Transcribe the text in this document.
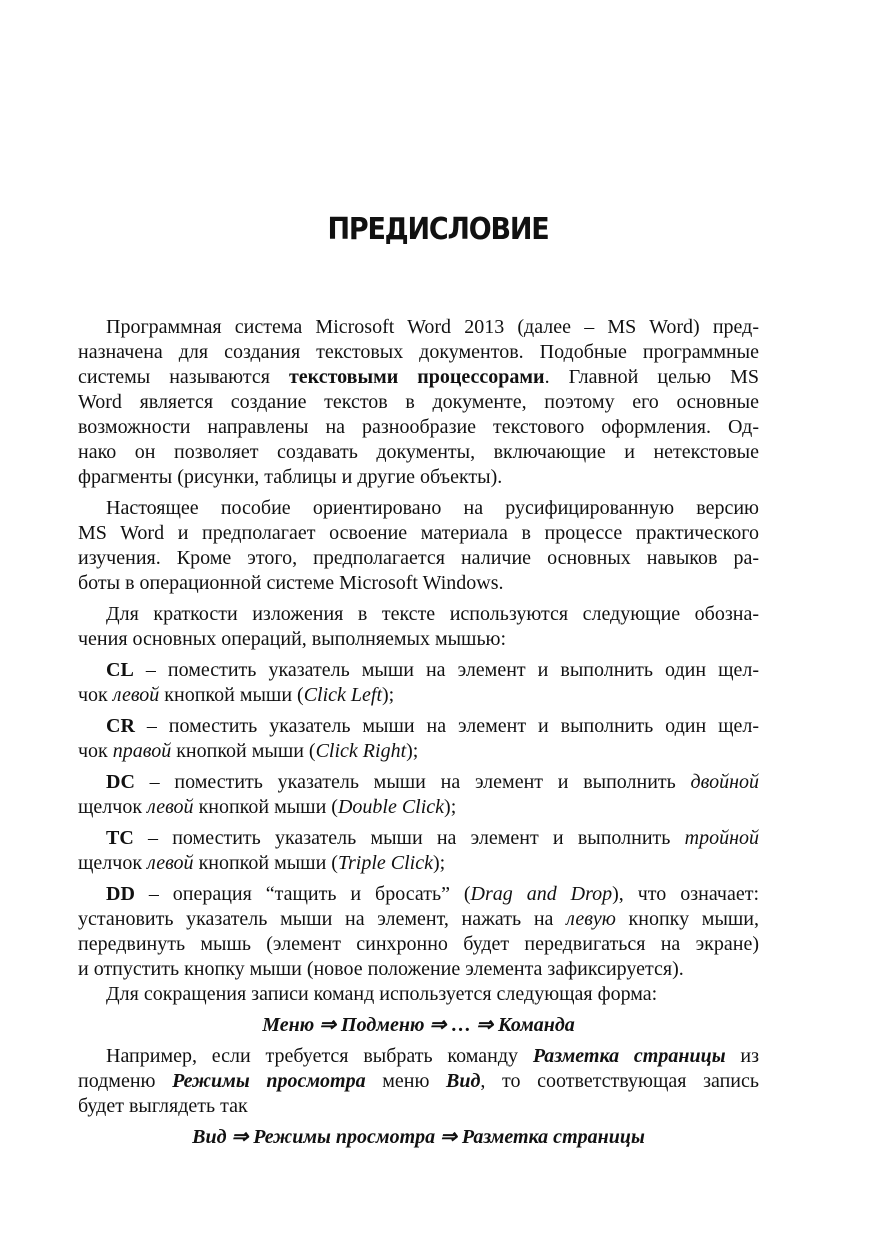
ПРЕДИСЛОВИЕ

Программная система Microsoft Word 2013 (далее – MS Word) пред-
назначена для создания текстовых документов. Подобные программные
системы называются текстовыми процессорами. Главной целью MS
Word является создание текстов в документе, поэтому его основные
возможности направлены на разнообразие текстового оформления. Од-
нако он позволяет создавать документы, включающие и нетекстовые
фрагменты (рисунки, таблицы и другие объекты).

Настоящее пособие ориентировано на русифицированную версию
MS Word и предполагает освоение материала в процессе практического
изучения. Кроме этого, предполагается наличие основных навыков ра-
боты в операционной системе Microsoft Windows.

Для краткости изложения в тексте используются следующие обозна-
чения основных операций, выполняемых мышью:

CL – поместить указатель мыши на элемент и выполнить один щел-
чок левой кнопкой мыши (Click Left);

CR – поместить указатель мыши на элемент и выполнить один щел-
чок правой кнопкой мыши (Click Right);

DC – поместить указатель мыши на элемент и выполнить двойной
щелчок левой кнопкой мыши (Double Click);

TC – поместить указатель мыши на элемент и выполнить тройной
щелчок левой кнопкой мыши (Triple Click);

DD – операция “тащить и бросать” (Drag and Drop), что означает:
установить указатель мыши на элемент, нажать на левую кнопку мыши,
передвинуть мышь (элемент синхронно будет передвигаться на экране)
и отпустить кнопку мыши (новое положение элемента зафиксируется).

Для сокращения записи команд используется следующая форма:

Меню ⇒ Подменю ⇒ … ⇒ Команда

Например, если требуется выбрать команду Разметка страницы из
подменю Режимы просмотра меню Вид, то соответствующая запись
будет выглядеть так

Вид ⇒ Режимы просмотра ⇒ Разметка страницы
